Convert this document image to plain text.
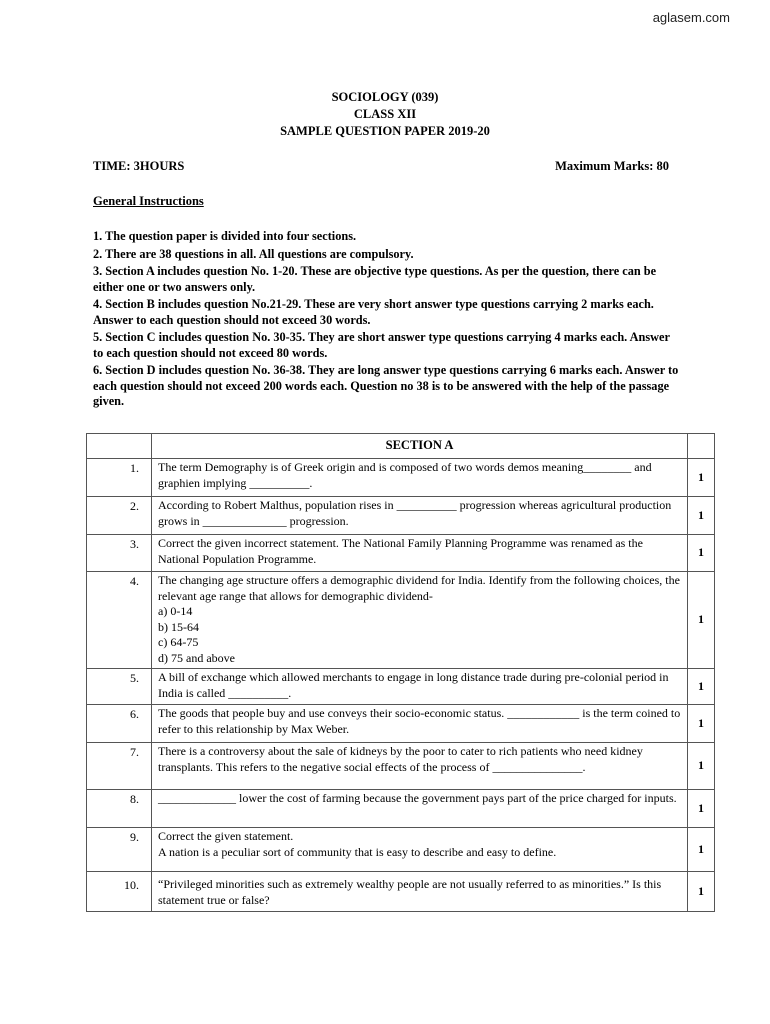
aglasem.com
SOCIOLOGY (039)
CLASS XII
SAMPLE QUESTION PAPER 2019-20
TIME: 3HOURS	Maximum Marks: 80
General Instructions
1. The question paper is divided into four sections.
2. There are 38 questions in all. All questions are compulsory.
3. Section A includes question No. 1-20. These are objective type questions. As per the question, there can be either one or two answers only.
4. Section B includes question No.21-29. These are very short answer type questions carrying 2 marks each. Answer to each question should not exceed 30 words.
5. Section C includes question No. 30-35. They are short answer type questions carrying 4 marks each. Answer to each question should not exceed 80 words.
6. Section D includes question No. 36-38. They are long answer type questions carrying 6 marks each. Answer to each question should not exceed 200 words each. Question no 38 is to be answered with the help of the passage given.
	SECTION A	
1.	The term Demography is of Greek origin and is composed of two words demos meaning________ and graphien implying __________.	1
2.	According to Robert Malthus, population rises in __________ progression whereas agricultural production grows in ______________ progression.	1
3.	Correct the given incorrect statement. The National Family Planning Programme was renamed as the National Population Programme.	1
4.	The changing age structure offers a demographic dividend for India. Identify from the following choices, the relevant age range that allows for demographic dividend-
a) 0-14
b) 15-64
c) 64-75
d) 75 and above	1
5.	A bill of exchange which allowed merchants to engage in long distance trade during pre-colonial period in India is called __________.	1
6.	The goods that people buy and use conveys their socio-economic status. ____________ is the term coined to refer to this relationship by Max Weber.	1
7.	There is a controversy about the sale of kidneys by the poor to cater to rich patients who need kidney transplants. This refers to the negative social effects of the process of _______________.	1
8.	_____________ lower the cost of farming because the government pays part of the price charged for inputs.	1
9.	Correct the given statement.
A nation is a peculiar sort of community that is easy to describe and easy to define.	1
10.	“Privileged minorities such as extremely wealthy people are not usually referred to as minorities.” Is this statement true or false?	1
